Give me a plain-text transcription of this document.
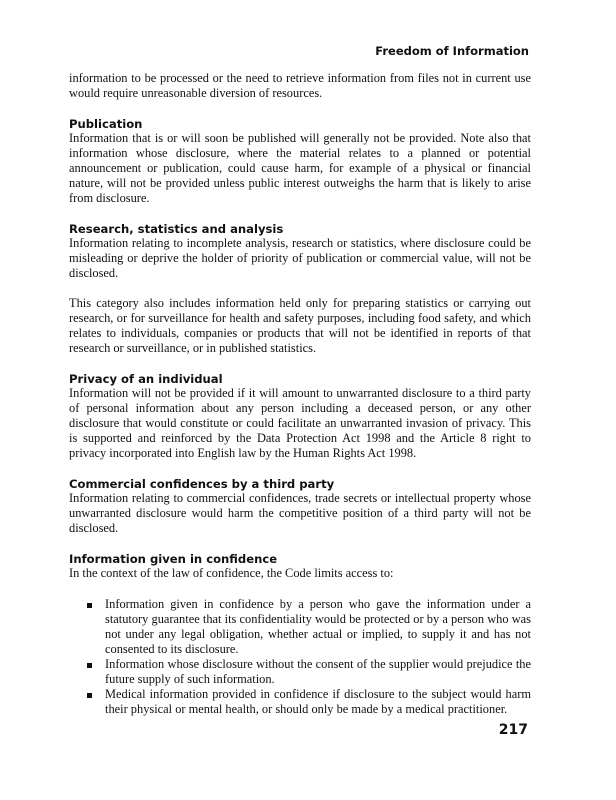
Freedom of Information

information to be processed or the need to retrieve information from files not in current use would require unreasonable diversion of resources.

Publication

Information that is or will soon be published will generally not be provided. Note also that information whose disclosure, where the material relates to a planned or potential announcement or publication, could cause harm, for example of a physical or financial nature, will not be provided unless public interest outweighs the harm that is likely to arise from disclosure.

Research, statistics and analysis

Information relating to incomplete analysis, research or statistics, where disclosure could be misleading or deprive the holder of priority of publication or commercial value, will not be disclosed.

This category also includes information held only for preparing statistics or carrying out research, or for surveillance for health and safety purposes, including food safety, and which relates to individuals, companies or products that will not be identified in reports of that research or surveillance, or in published statistics.

Privacy of an individual

Information will not be provided if it will amount to unwarranted disclosure to a third party of personal information about any person including a deceased person, or any other disclosure that would constitute or could facilitate an unwarranted invasion of privacy. This is supported and reinforced by the Data Protection Act 1998 and the Article 8 right to privacy incorporated into English law by the Human Rights Act 1998.

Commercial confidences by a third party

Information relating to commercial confidences, trade secrets or intellectual property whose unwarranted disclosure would harm the competitive position of a third party will not be disclosed.

Information given in confidence

In the context of the law of confidence, the Code limits access to:

Information given in confidence by a person who gave the information under a statutory guarantee that its confidentiality would be protected or by a person who was not under any legal obligation, whether actual or implied, to supply it and has not consented to its disclosure.
Information whose disclosure without the consent of the supplier would prejudice the future supply of such information.
Medical information provided in confidence if disclosure to the subject would harm their physical or mental health, or should only be made by a medical practitioner.
217
